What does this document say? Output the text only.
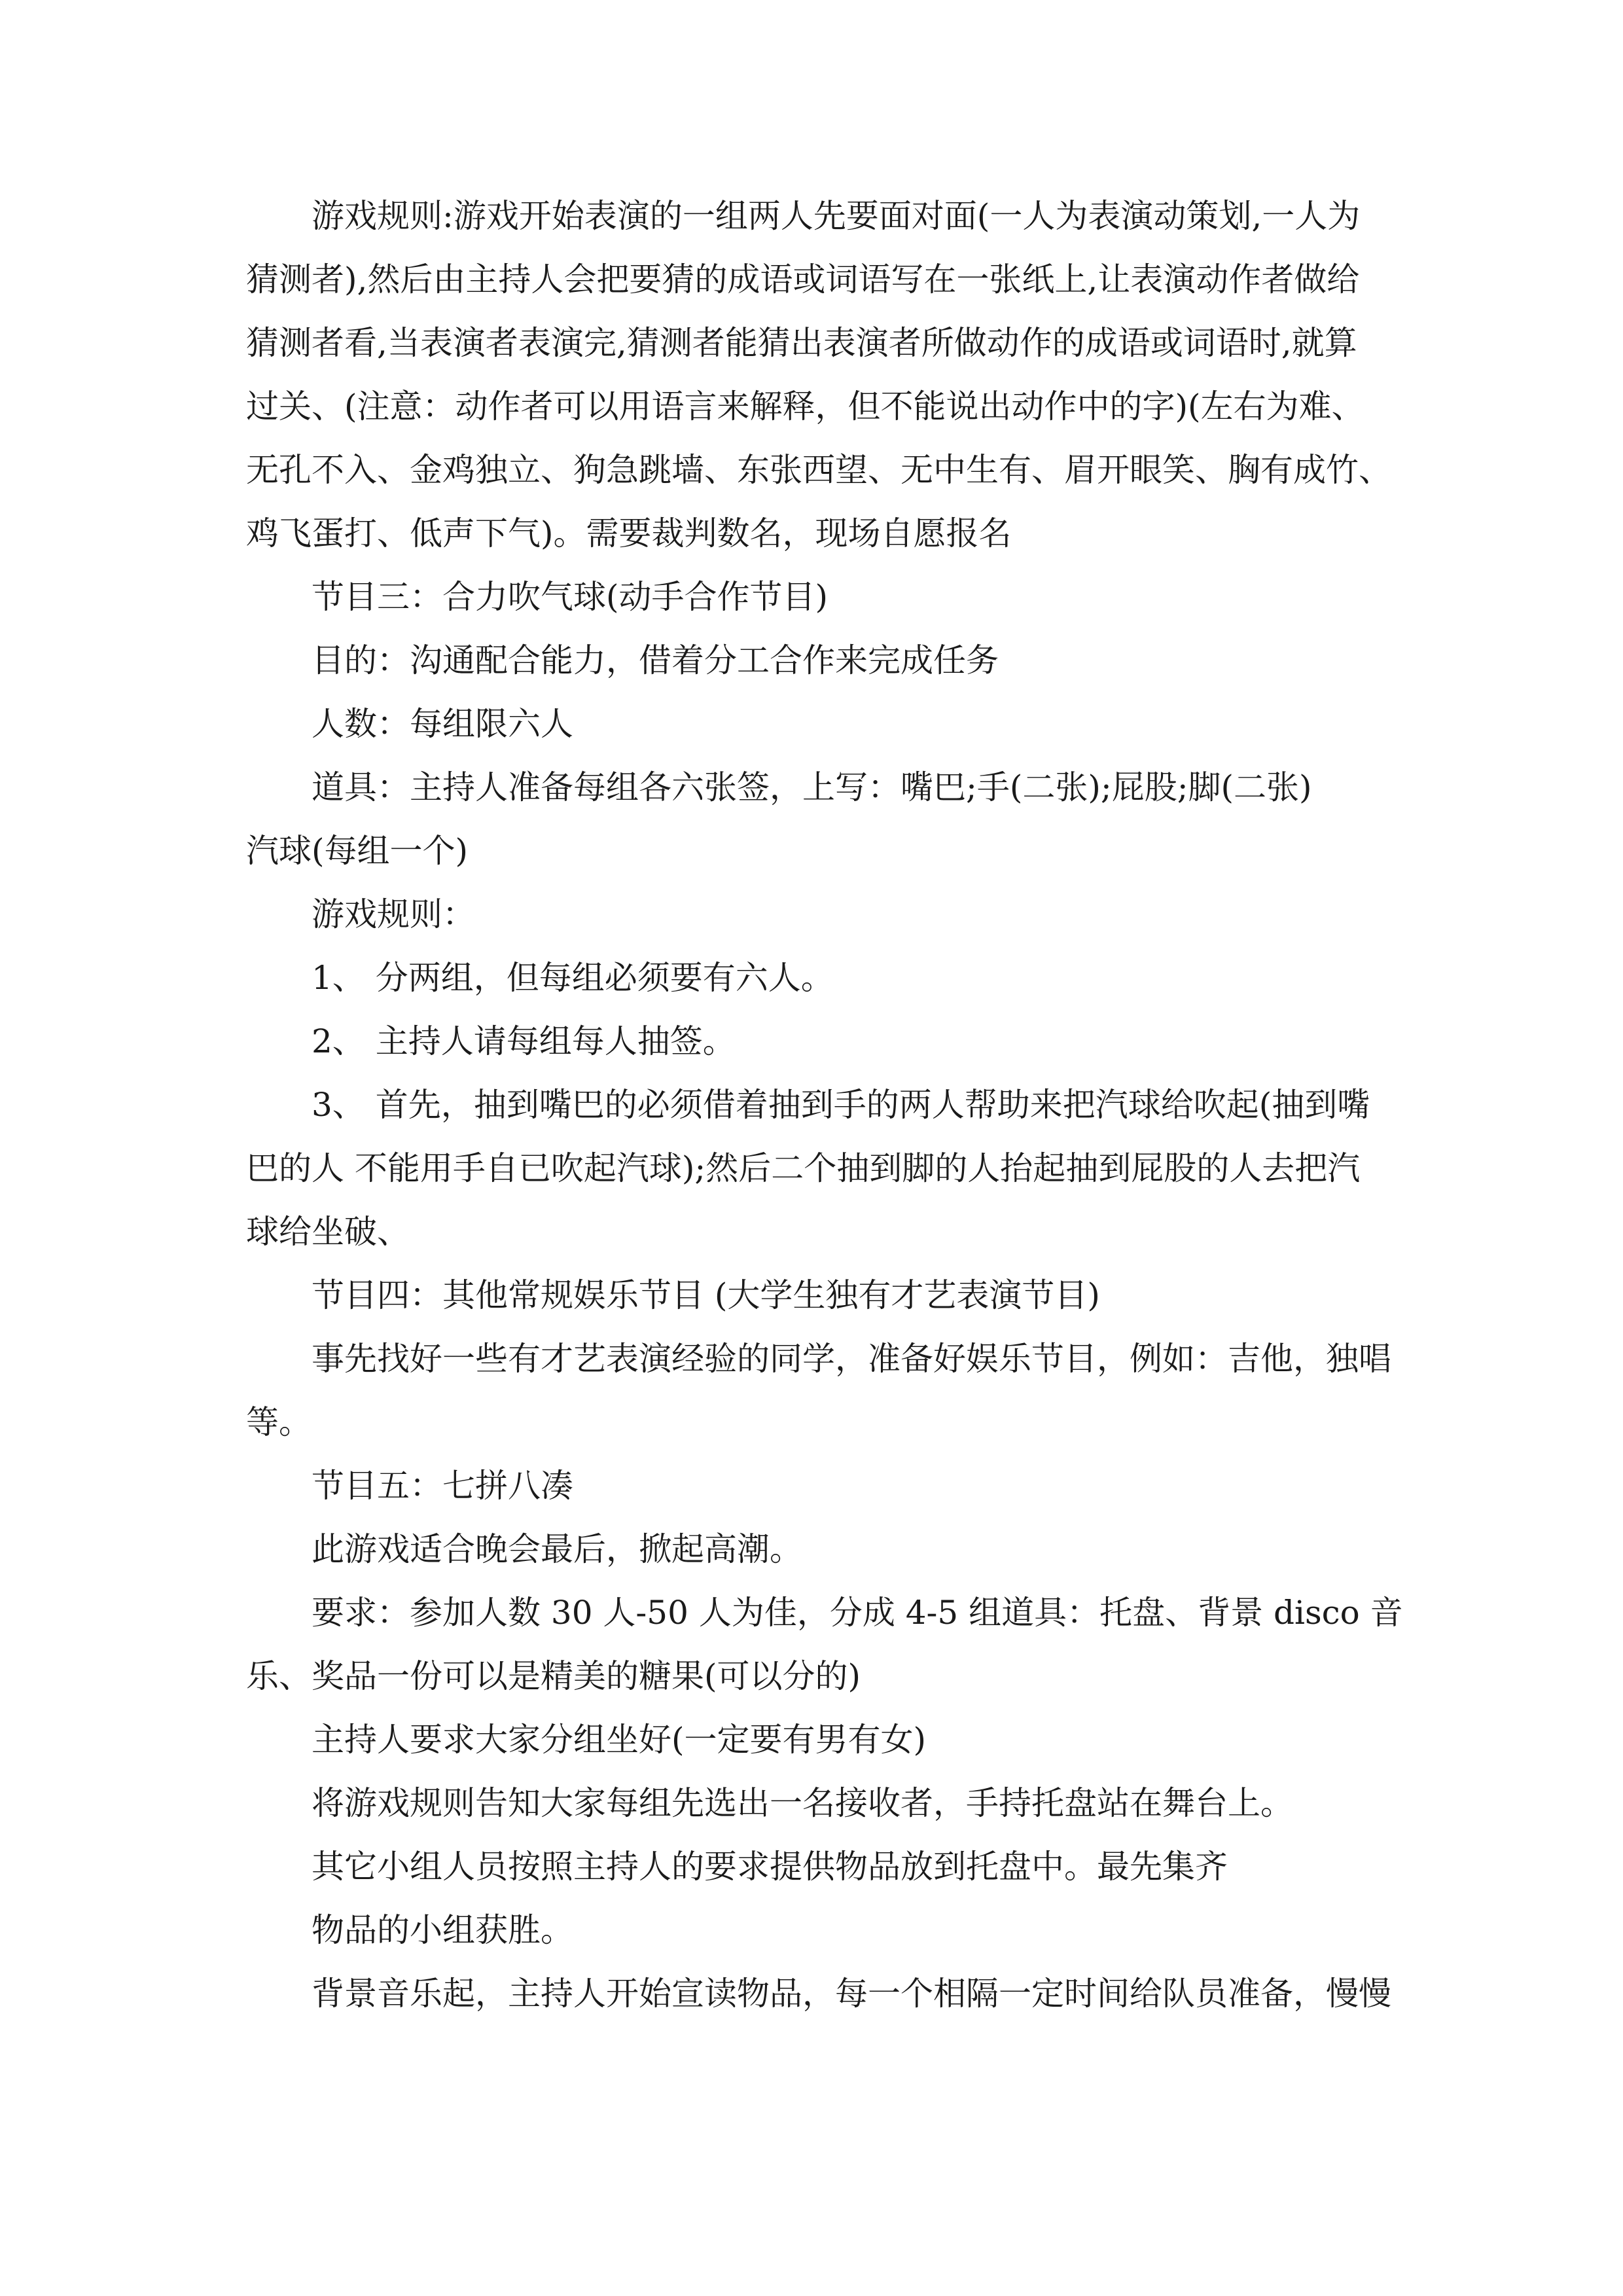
游戏规则:游戏开始表演的一组两人先要面对面(一人为表演动策划,一人为

猜测者),然后由主持人会把要猜的成语或词语写在一张纸上,让表演动作者做给

猜测者看,当表演者表演完,猜测者能猜出表演者所做动作的成语或词语时,就算

过关、(注意：动作者可以用语言来解释，但不能说出动作中的字)(左右为难、

无孔不入、金鸡独立、狗急跳墙、东张西望、无中生有、眉开眼笑、胸有成竹、

鸡飞蛋打、低声下气)。需要裁判数名，现场自愿报名

节目三：合力吹气球(动手合作节目)

目的：沟通配合能力，借着分工合作来完成任务

人数：每组限六人

道具：主持人准备每组各六张签，上写：嘴巴;手(二张);屁股;脚(二张)

汽球(每组一个)

游戏规则：

1、 分两组，但每组必须要有六人。

2、 主持人请每组每人抽签。

3、 首先，抽到嘴巴的必须借着抽到手的两人帮助来把汽球给吹起(抽到嘴

巴的人 不能用手自已吹起汽球);然后二个抽到脚的人抬起抽到屁股的人去把汽

球给坐破、

节目四：其他常规娱乐节目 (大学生独有才艺表演节目)

事先找好一些有才艺表演经验的同学，准备好娱乐节目，例如：吉他，独唱

等。

节目五：七拼八凑

此游戏适合晚会最后，掀起高潮。

要求：参加人数 30 人-50 人为佳，分成 4-5 组道具：托盘、背景 disco 音

乐、奖品一份可以是精美的糖果(可以分的)

主持人要求大家分组坐好(一定要有男有女)

将游戏规则告知大家每组先选出一名接收者，手持托盘站在舞台上。

其它小组人员按照主持人的要求提供物品放到托盘中。最先集齐

物品的小组获胜。

背景音乐起，主持人开始宣读物品，每一个相隔一定时间给队员准备，慢慢
